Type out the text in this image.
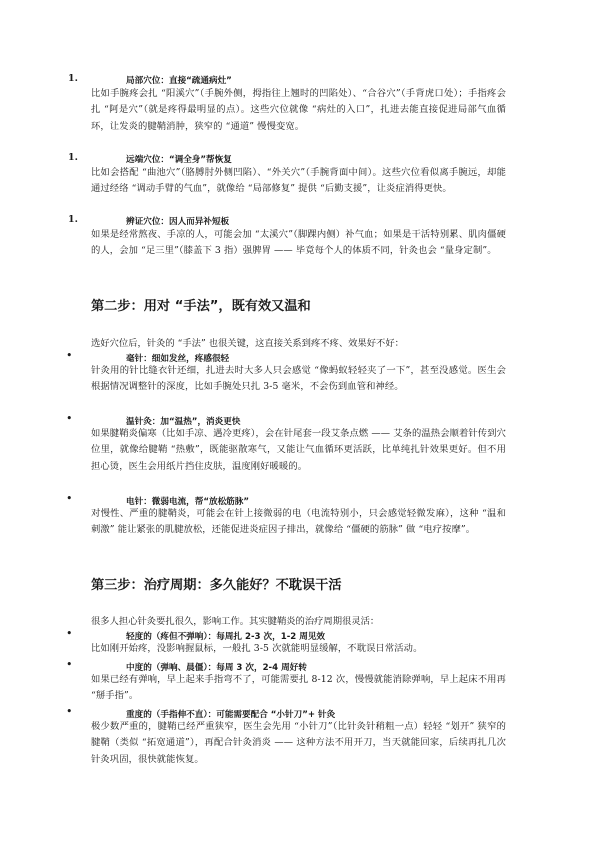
1.	局部穴位：直接“疏通病灶”
比如手腕疼会扎 “阳溪穴”（手腕外侧，拇指往上翘时的凹陷处）、“合谷穴”（手背虎口处）；手指疼会扎 “阿是穴”（就是疼得最明显的点）。这些穴位就像 “病灶的入口”，扎进去能直接促进局部气血循环，让发炎的腱鞘消肿，狭窄的 “通道” 慢慢变宽。
1.	远端穴位：“调全身”帮恢复
比如会搭配 “曲池穴”（胳膊肘外侧凹陷）、“外关穴”（手腕背面中间）。这些穴位看似离手腕远，却能通过经络 “调动手臂的气血”，就像给 “局部修复” 提供 “后勤支援”，让炎症消得更快。
1.	辨证穴位：因人而异补短板
如果是经常熬夜、手凉的人，可能会加 “太溪穴”（脚踝内侧）补气血；如果是干活特别累、肌肉僵硬的人，会加 “足三里”（膝盖下 3 指）强脾胃 —— 毕竟每个人的体质不同，针灸也会 “量身定制”。
第二步：用对 “手法”，既有效又温和
选好穴位后，针灸的 “手法” 也很关键，这直接关系到疼不疼、效果好不好：
•	毫针：细如发丝，疼感很轻
针灸用的针比缝衣针还细，扎进去时大多人只会感觉 “像蚂蚁轻轻夹了一下”，甚至没感觉。医生会根据情况调整针的深度，比如手腕处只扎 3-5 毫米，不会伤到血管和神经。
•	温针灸：加“温热”，消炎更快
如果腱鞘炎偏寒（比如手凉、遇冷更疼），会在针尾套一段艾条点燃 —— 艾条的温热会顺着针传到穴位里，就像给腱鞘 “热敷”，既能驱散寒气，又能让气血循环更活跃，比单纯扎针效果更好。但不用担心烫，医生会用纸片挡住皮肤，温度刚好暖暖的。
•	电针：微弱电流，帮“放松筋脉”
对慢性、严重的腱鞘炎，可能会在针上接微弱的电（电流特别小，只会感觉轻微发麻），这种 “温和刺激” 能让紧张的肌腱放松，还能促进炎症因子排出，就像给 “僵硬的筋脉” 做 “电疗按摩”。
第三步：治疗周期：多久能好？不耽误干活
很多人担心针灸要扎很久，影响工作。其实腱鞘炎的治疗周期很灵活：
•	轻度的（疼但不弹响）：每周扎 2-3 次，1-2 周见效
比如刚开始疼，没影响握鼠标，一般扎 3-5 次就能明显缓解，不耽误日常活动。
•	中度的（弹响、晨僵）：每周 3 次，2-4 周好转
如果已经有弹响，早上起来手指弯不了，可能需要扎 8-12 次，慢慢就能消除弹响，早上起床不用再 “掰手指”。
•	重度的（手指伸不直）：可能需要配合 “小针刀”+ 针灸
极少数严重的，腱鞘已经严重狭窄，医生会先用 “小针刀”（比针灸针稍粗一点）轻轻 “划开” 狭窄的腱鞘（类似 “拓宽通道”），再配合针灸消炎 —— 这种方法不用开刀，当天就能回家，后续再扎几次针灸巩固，很快就能恢复。
